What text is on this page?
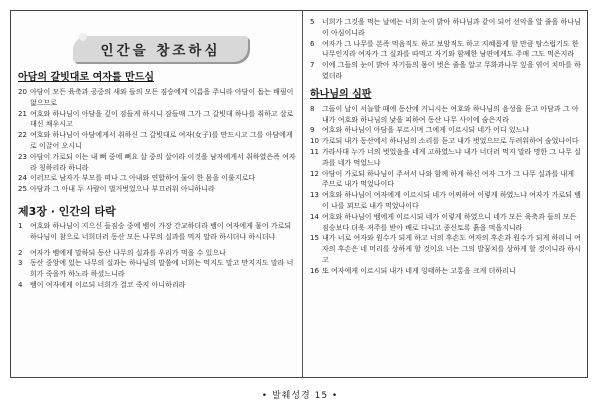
인간을 창조하심
아담의 갈빗대로 여자를 만드심
20 아담이 모든 육축과 공중의 새와 들의 모든 짐승에게 이름을 주니라 아담이 돕는 배필이 없으므로
21 여호와 하나님이 아담을 깊이 잠들게 하시니 잠들매 그가 그 갈빗대 하나를 취하고 살로 대신 채우시고
22 여호와 하나님이 아담에게서 취하신 그 갈빗대로 여자(女子)를 만드시고 그를 아담에게로 이끌어 오시니
23 아담이 가로되 이는 내 뼈 중에 뼈요 살 중의 살이라 이것을 남자에게서 취하였은즉 여자라 칭하리라 하니라
24 이러므로 남자가 부모를 떠나 그 아내와 연합하여 둘이 한 몸을 이룰지로다
25 아담과 그 아내 두 사람이 벌거벗었으나 부끄러워 아니하니라
제3장 · 인간의 타락
1	여호와 하나님이 지으신 들짐승 중에 뱀이 가장 간교하더라 뱀이 여자에게 물어 가로되 하나님이 참으로 너희더러 동산 모든 나무의 실과를 먹지 말라 하시더냐 하시더냐
2	여자가 뱀에게 말하되 동산 나무의 실과를 우리가 먹을 수 있으나
3	동산 중앙에 있는 나무의 실과는 하나님의 말씀에 너희는 먹지도 말고 만지지도 말라 너희가 죽을까 하노라 하셨느니라
4	뱀이 여자에게 이르되 너희가 결코 죽지 아니하리라
5	너희가 그것을 먹는 날에는 너희 눈이 밝아 하나님과 같이 되어 선악을 알 줄을 하나님이 아심이니라
6	여자가 그 나무를 본즉 먹음직도 하고 보암직도 하고 지혜롭게 할 만큼 탐스럽기도 한 나무인지라 여자가 그 실과를 따먹고 자기와 함께한 남편에게도 주매 그도 먹은지라
7	이에 그들의 눈이 밝아 자기들의 몸이 벗은 줄을 알고 무화과나무 잎을 엮어 치마를 하였더라
하나님의 심판
8	그들이 날이 서늘할 때에 동산에 거니시는 여호와 하나님의 음성을 듣고 아담과 그 아내가 여호와 하나님의 낯을 피하여 동산 나무 사이에 숨은지라
9	여호와 하나님이 아담을 부르시며 그에게 이르시되 네가 어디 있느냐
10 가로되 내가 동산에서 하나님의 소리를 듣고 내가 벗었으므로 두려워하여 숨었나이다
11 가라사대 누가 너의 벗었음을 네게 고하였느냐 내가 너더러 먹지 말라 명한 그 나무 실과를 네가 먹었느냐
12 아담이 가로되 하나님이 주셔서 나와 함께 하게 하신 여자 그가 그 나무 실과를 내게 주므로 내가 먹었나이다
13 여호와 하나님이 여자에게 이르시되 네가 어찌하여 이렇게 하였느냐 여자가 가로되 뱀이 나를 꾀므로 내가 먹었나이다
14 여호와 하나님이 뱀에게 이르시되 네가 이렇게 하였으니 네가 모든 육축과 들의 모든 짐승보다 더욱 저주를 받아 배로 다니고 종신토록 흙을 먹을지니라
15 내가 너로 여자와 원수가 되게 하고 너의 후손도 여자의 후손과 원수가 되게 하리니 여자의 후손은 네 머리를 상하게 할 것이요 너는 그의 발꿈치를 상하게 할 것이니라 하시고
16 또 여자에게 이르시되 내가 네게 잉태하는 고통을 크게 더하리니
• 발췌성경 15 •
